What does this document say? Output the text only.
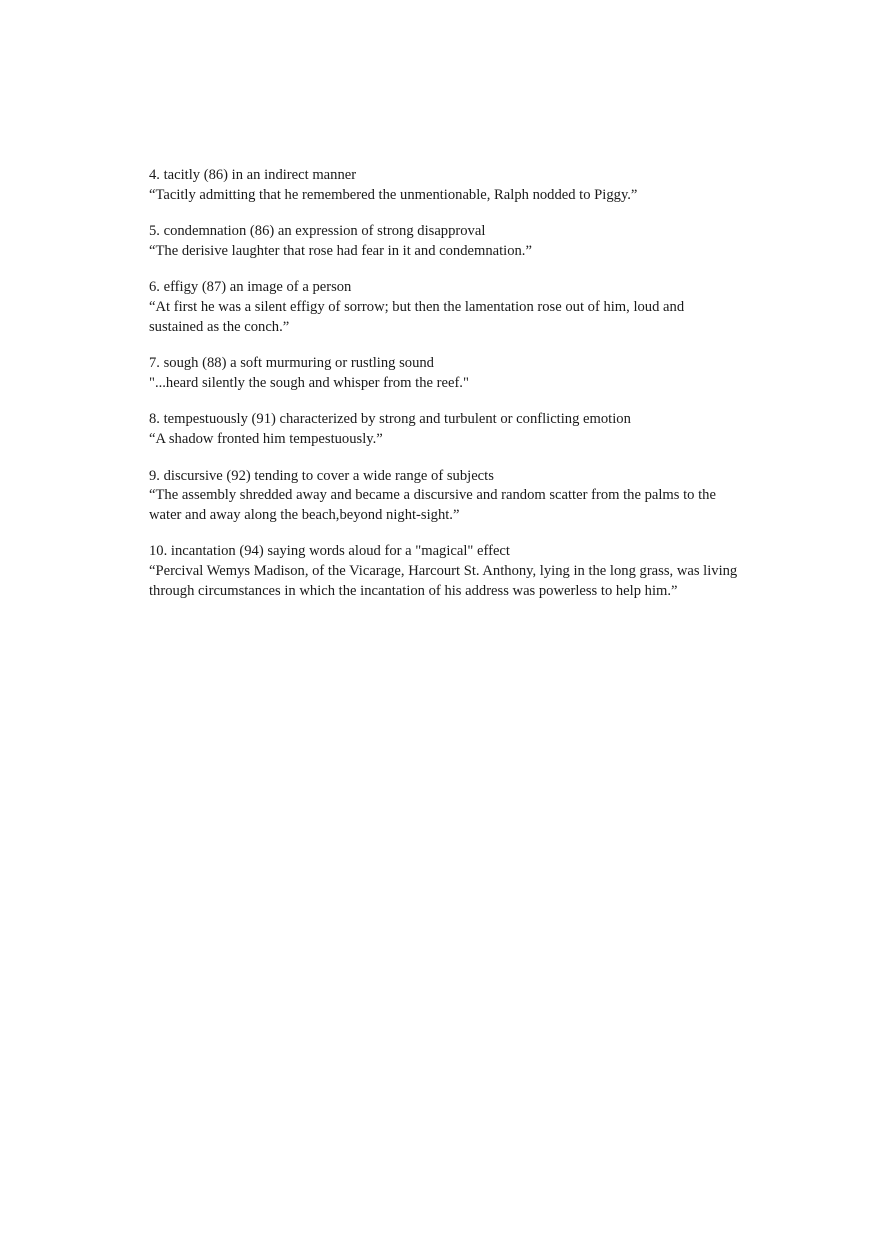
4. tacitly (86) in an indirect manner

“Tacitly admitting that he remembered the unmentionable, Ralph nodded to Piggy.”

5. condemnation (86) an expression of strong disapproval

“The derisive laughter that rose had fear in it and condemnation.”

6. effigy (87) an image of a person

“At first he was a silent effigy of sorrow; but then the lamentation rose out of him, loud and sustained as the conch.”

7. sough (88) a soft murmuring or rustling sound

"...heard silently the sough and whisper from the reef."

8. tempestuously (91) characterized by strong and turbulent or conflicting emotion

“A shadow fronted him tempestuously.”

9. discursive (92) tending to cover a wide range of subjects

“The assembly shredded away and became a discursive and random scatter from the palms to the water and away along the beach,beyond night-sight.”

10. incantation (94) saying words aloud for a "magical" effect

“Percival Wemys Madison, of the Vicarage, Harcourt St. Anthony, lying in the long grass, was living through circumstances in which the incantation of his address was powerless to help him.”
